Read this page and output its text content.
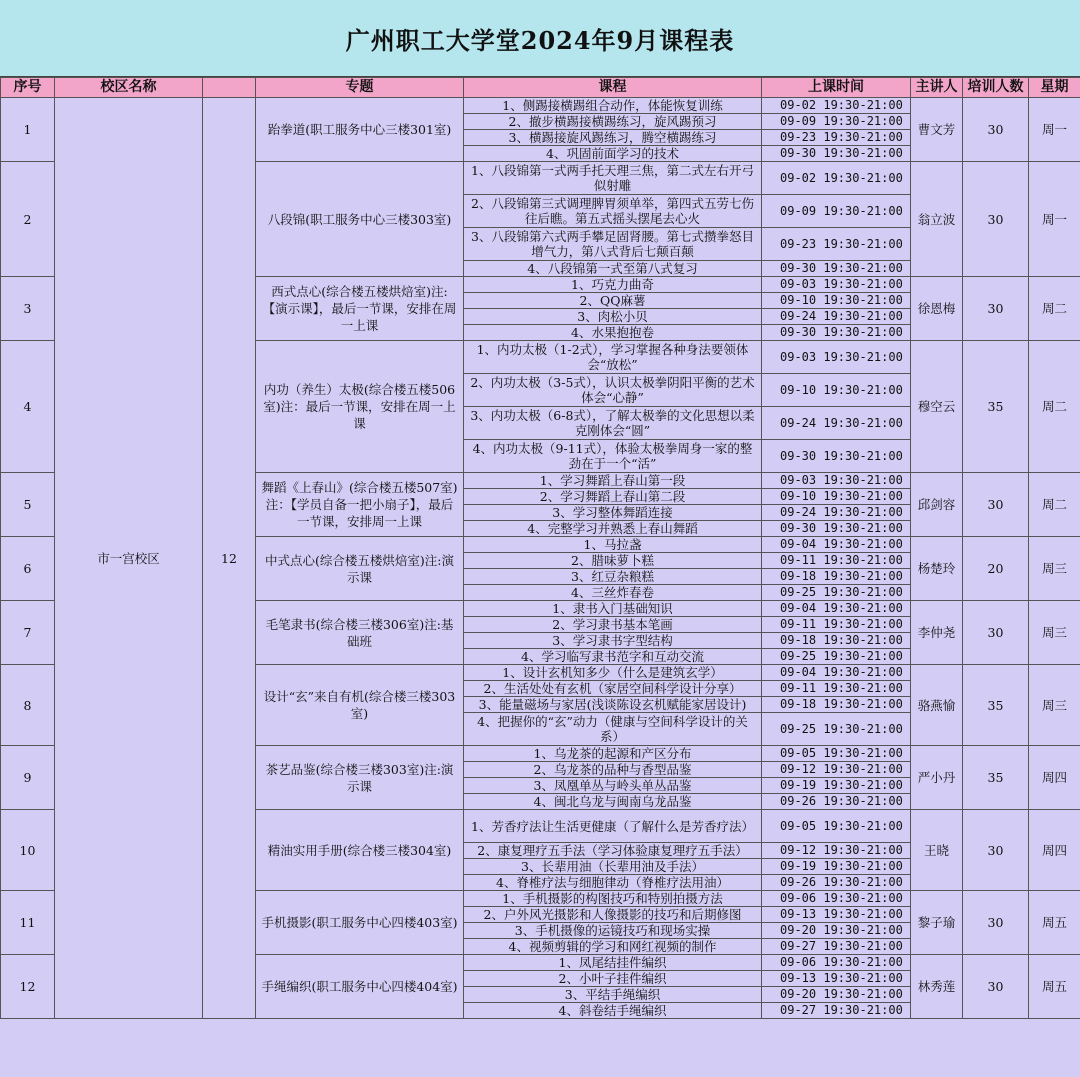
广州职工大学堂2024年9月课程表
序号	校区名称		专题	课程	上课时间	主讲人	培训人数	星期
1	市一宫校区	12	跆拳道(职工服务中心三楼301室)	1、侧踢接横踢组合动作，体能恢复训练	09-02 19:30-21:00	曹文芳	30	周一
				2、撤步横踢接横踢练习，旋风踢预习	09-09 19:30-21:00			
				3、横踢接旋风踢练习，腾空横踢练习	09-23 19:30-21:00			
				4、巩固前面学习的技术	09-30 19:30-21:00			
2			八段锦(职工服务中心三楼303室)	1、八段锦第一式两手托天理三焦，第二式左右开弓似射雕	09-02 19:30-21:00	翁立波	30	周一
				2、八段锦第三式调理脾胃须单举，第四式五劳七伤往后瞧。第五式摇头摆尾去心火	09-09 19:30-21:00			
				3、八段锦第六式两手攀足固肾腰。第七式攒拳怒目增气力，第八式背后七颠百颠	09-23 19:30-21:00			
				4、八段锦第一式至第八式复习	09-30 19:30-21:00			
3			西式点心(综合楼五楼烘焙室)注:【演示课】，最后一节课，安排在周一上课	1、巧克力曲奇	09-03 19:30-21:00	徐恩梅	30	周二
				2、QQ麻薯	09-10 19:30-21:00			
				3、肉松小贝	09-24 19:30-21:00			
				4、水果抱抱卷	09-30 19:30-21:00			
4			内功（养生）太极(综合楼五楼506室)注：最后一节课，安排在周一上课	1、内功太极（1-2式），学习掌握各种身法要领体会“放松”	09-03 19:30-21:00	穆空云	35	周二
				2、内功太极（3-5式），认识太极拳阴阳平衡的艺术体会“心静”	09-10 19:30-21:00			
				3、内功太极（6-8式），了解太极拳的文化思想以柔克刚体会“圆”	09-24 19:30-21:00			
				4、内功太极（9-11式），体验太极拳周身一家的整劲在于一个“活”	09-30 19:30-21:00			
5			舞蹈《上春山》(综合楼五楼507室)注：【学员自备一把小扇子】，最后一节课，安排周一上课	1、学习舞蹈上春山第一段	09-03 19:30-21:00	邱剑容	30	周二
				2、学习舞蹈上春山第二段	09-10 19:30-21:00			
				3、学习整体舞蹈连接	09-24 19:30-21:00			
				4、完整学习并熟悉上春山舞蹈	09-30 19:30-21:00			
6			中式点心(综合楼五楼烘焙室)注:演示课	1、马拉盏	09-04 19:30-21:00	杨楚玲	20	周三
				2、腊味萝卜糕	09-11 19:30-21:00			
				3、红豆杂粮糕	09-18 19:30-21:00			
				4、三丝炸春卷	09-25 19:30-21:00			
7			毛笔隶书(综合楼三楼306室)注:基础班	1、隶书入门基础知识	09-04 19:30-21:00	李仲尧	30	周三
				2、学习隶书基本笔画	09-11 19:30-21:00			
				3、学习隶书字型结构	09-18 19:30-21:00			
				4、学习临写隶书范字和互动交流	09-25 19:30-21:00			
8			设计“玄”来自有机(综合楼三楼303室)	1、设计玄机知多少（什么是建筑玄学）	09-04 19:30-21:00	骆燕愉	35	周三
				2、生活处处有玄机（家居空间科学设计分享）	09-11 19:30-21:00			
				3、能量磁场与家居(浅谈陈设玄机赋能家居设计)	09-18 19:30-21:00			
				4、把握你的“玄”动力（健康与空间科学设计的关系）	09-25 19:30-21:00			
9			茶艺品鉴(综合楼三楼303室)注:演示课	1、乌龙茶的起源和产区分布	09-05 19:30-21:00	严小丹	35	周四
				2、乌龙茶的品种与香型品鉴	09-12 19:30-21:00			
				3、凤凰单丛与岭头单丛品鉴	09-19 19:30-21:00			
				4、闽北乌龙与闽南乌龙品鉴	09-26 19:30-21:00			
10			精油实用手册(综合楼三楼304室)	1、芳香疗法让生活更健康（了解什么是芳香疗法）	09-05 19:30-21:00	王晓	30	周四
				2、康复理疗五手法（学习体验康复理疗五手法）	09-12 19:30-21:00			
				3、长辈用油（长辈用油及手法）	09-19 19:30-21:00			
				4、脊椎疗法与细胞律动（脊椎疗法用油）	09-26 19:30-21:00			
11			手机摄影(职工服务中心四楼403室)	1、手机摄影的构图技巧和特别拍摄方法	09-06 19:30-21:00	黎子瑜	30	周五
				2、户外风光摄影和人像摄影的技巧和后期修图	09-13 19:30-21:00			
				3、手机摄像的运镜技巧和现场实操	09-20 19:30-21:00			
				4、视频剪辑的学习和网红视频的制作	09-27 19:30-21:00			
12			手绳编织(职工服务中心四楼404室)	1、凤尾结挂件编织	09-06 19:30-21:00	林秀莲	30	周五
				2、小叶子挂件编织	09-13 19:30-21:00			
				3、平结手绳编织	09-20 19:30-21:00			
				4、斜卷结手绳编织	09-27 19:30-21:00			
